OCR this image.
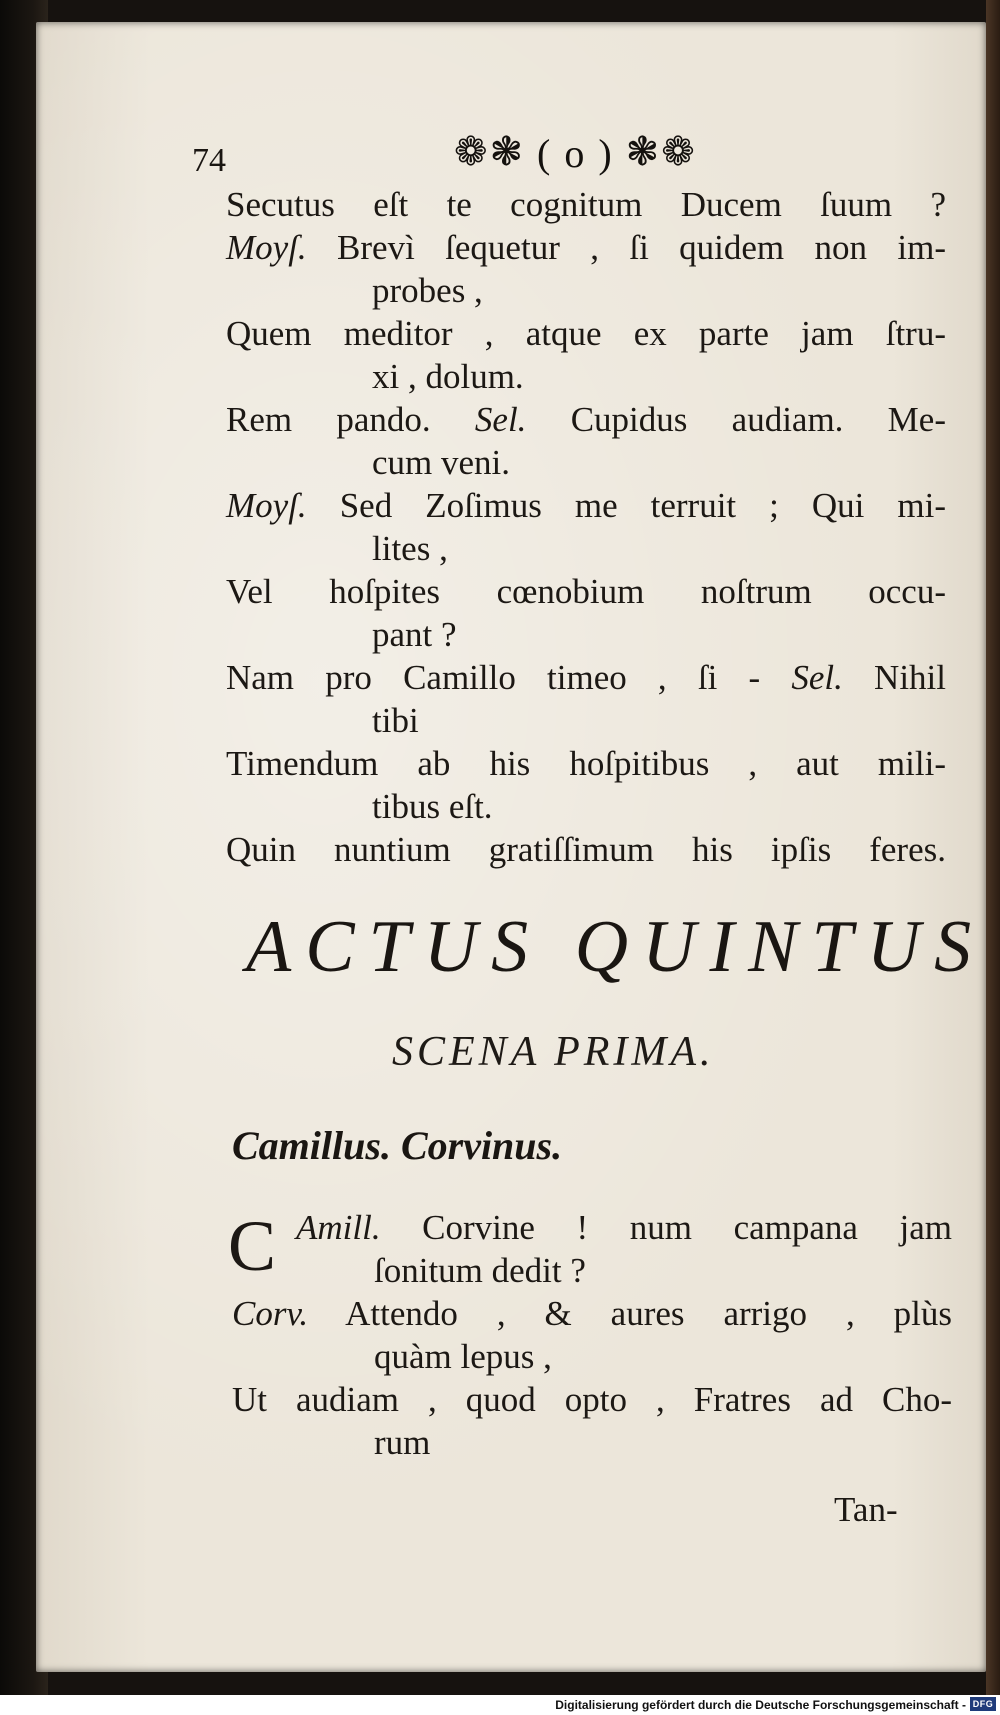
74	❁❃ ( o ) ❃❁
Secutus eſt te cognitum Ducem ſuum ?
Moyſ. Brevì ſequetur , ſi quidem non im-
probes ,
Quem meditor , atque ex parte jam ſtru-
xi , dolum.
Rem pando. Sel. Cupidus audiam. Me-
cum veni.
Moyſ. Sed Zoſimus me terruit ; Qui mi-
lites ,
Vel hoſpites cœnobium noſtrum occu-
pant ?
Nam pro Camillo timeo , ſi - Sel. Nihil
tibi
Timendum ab his hoſpitibus , aut mili-
tibus eſt.
Quin nuntium gratiſſimum his ipſis feres.
ACTUS QUINTUS
SCENA PRIMA.
Camillus. Corvinus.
C Amill. Corvine ! num campana jam
ſonitum dedit ?
Corv. Attendo , & aures arrigo , plùs
quàm lepus ,
Ut audiam , quod opto , Fratres ad Cho-
rum
Tan-
Digitalisierung gefördert durch die Deutsche Forschungsgemeinschaft - DFG
